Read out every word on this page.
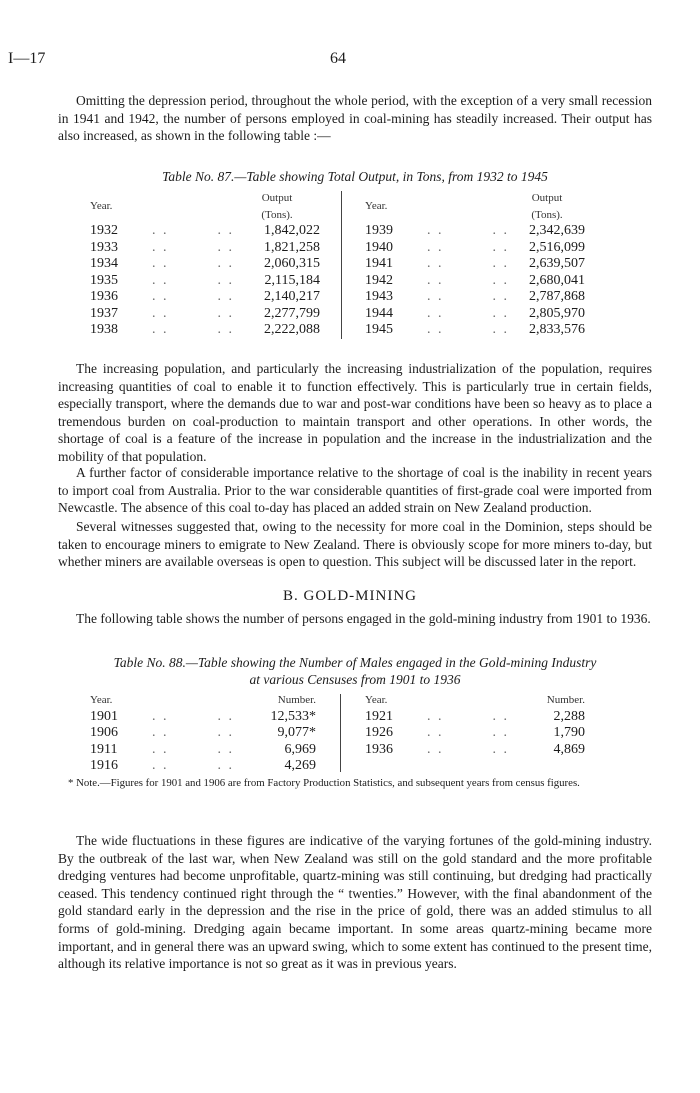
I—17	64

Omitting the depression period, throughout the whole period, with the exception of a very small recession in 1941 and 1942, the number of persons employed in coal-mining has steadily increased. Their output has also increased, as shown in the following table :—

Table No. 87.—Table showing Total Output, in Tons, from 1932 to 1945
Year.		Output
(Tons).

1932	. . . .	1,842,022
1933	. . . .	1,821,258
1934	. . . .	2,060,315
1935	. . . .	2,115,184
1936	. . . .	2,140,217
1937	. . . .	2,277,799
1938	. . . .	2,222,088
Year.		Output
(Tons).

1939	. . . .	2,342,639
1940	. . . .	2,516,099
1941	. . . .	2,639,507
1942	. . . .	2,680,041
1943	. . . .	2,787,868
1944	. . . .	2,805,970
1945	. . . .	2,833,576

The increasing population, and particularly the increasing industrialization of the population, requires increasing quantities of coal to enable it to function effectively. This is particularly true in certain fields, especially transport, where the demands due to war and post-war conditions have been so heavy as to place a tremendous burden on coal-production to maintain transport and other operations. In other words, the shortage of coal is a feature of the increase in population and the increase in the industrialization and the mobility of that population.

A further factor of considerable importance relative to the shortage of coal is the inability in recent years to import coal from Australia. Prior to the war considerable quantities of first-grade coal were imported from Newcastle. The absence of this coal to-day has placed an added strain on New Zealand production.

Several witnesses suggested that, owing to the necessity for more coal in the Dominion, steps should be taken to encourage miners to emigrate to New Zealand. There is obviously scope for more miners to-day, but whether miners are available overseas is open to question. This subject will be discussed later in the report.

B. GOLD-MINING

The following table shows the number of persons engaged in the gold-mining industry from 1901 to 1936.

Table No. 88.—Table showing the Number of Males engaged in the Gold-mining Industry
at various Censuses from 1901 to 1936
Year.		Number.
1901	. . . .	12,533*
1906	. . . .	9,077*
1911	. . . .	6,969
1916	. . . .	4,269
Year.		Number.
1921	. . . .	2,288
1926	. . . .	1,790
1936	. . . .	4,869
* Note.—Figures for 1901 and 1906 are from Factory Production Statistics, and subsequent years from census figures.

The wide fluctuations in these figures are indicative of the varying fortunes of the gold-mining industry. By the outbreak of the last war, when New Zealand was still on the gold standard and the more profitable dredging ventures had become unprofitable, quartz-mining was still continuing, but dredging had practically ceased. This tendency continued right through the “ twenties.” However, with the final abandonment of the gold standard early in the depression and the rise in the price of gold, there was an added stimulus to all forms of gold-mining. Dredging again became important. In some areas quartz-mining became more important, and in general there was an upward swing, which to some extent has continued to the present time, although its relative importance is not so great as it was in previous years.
